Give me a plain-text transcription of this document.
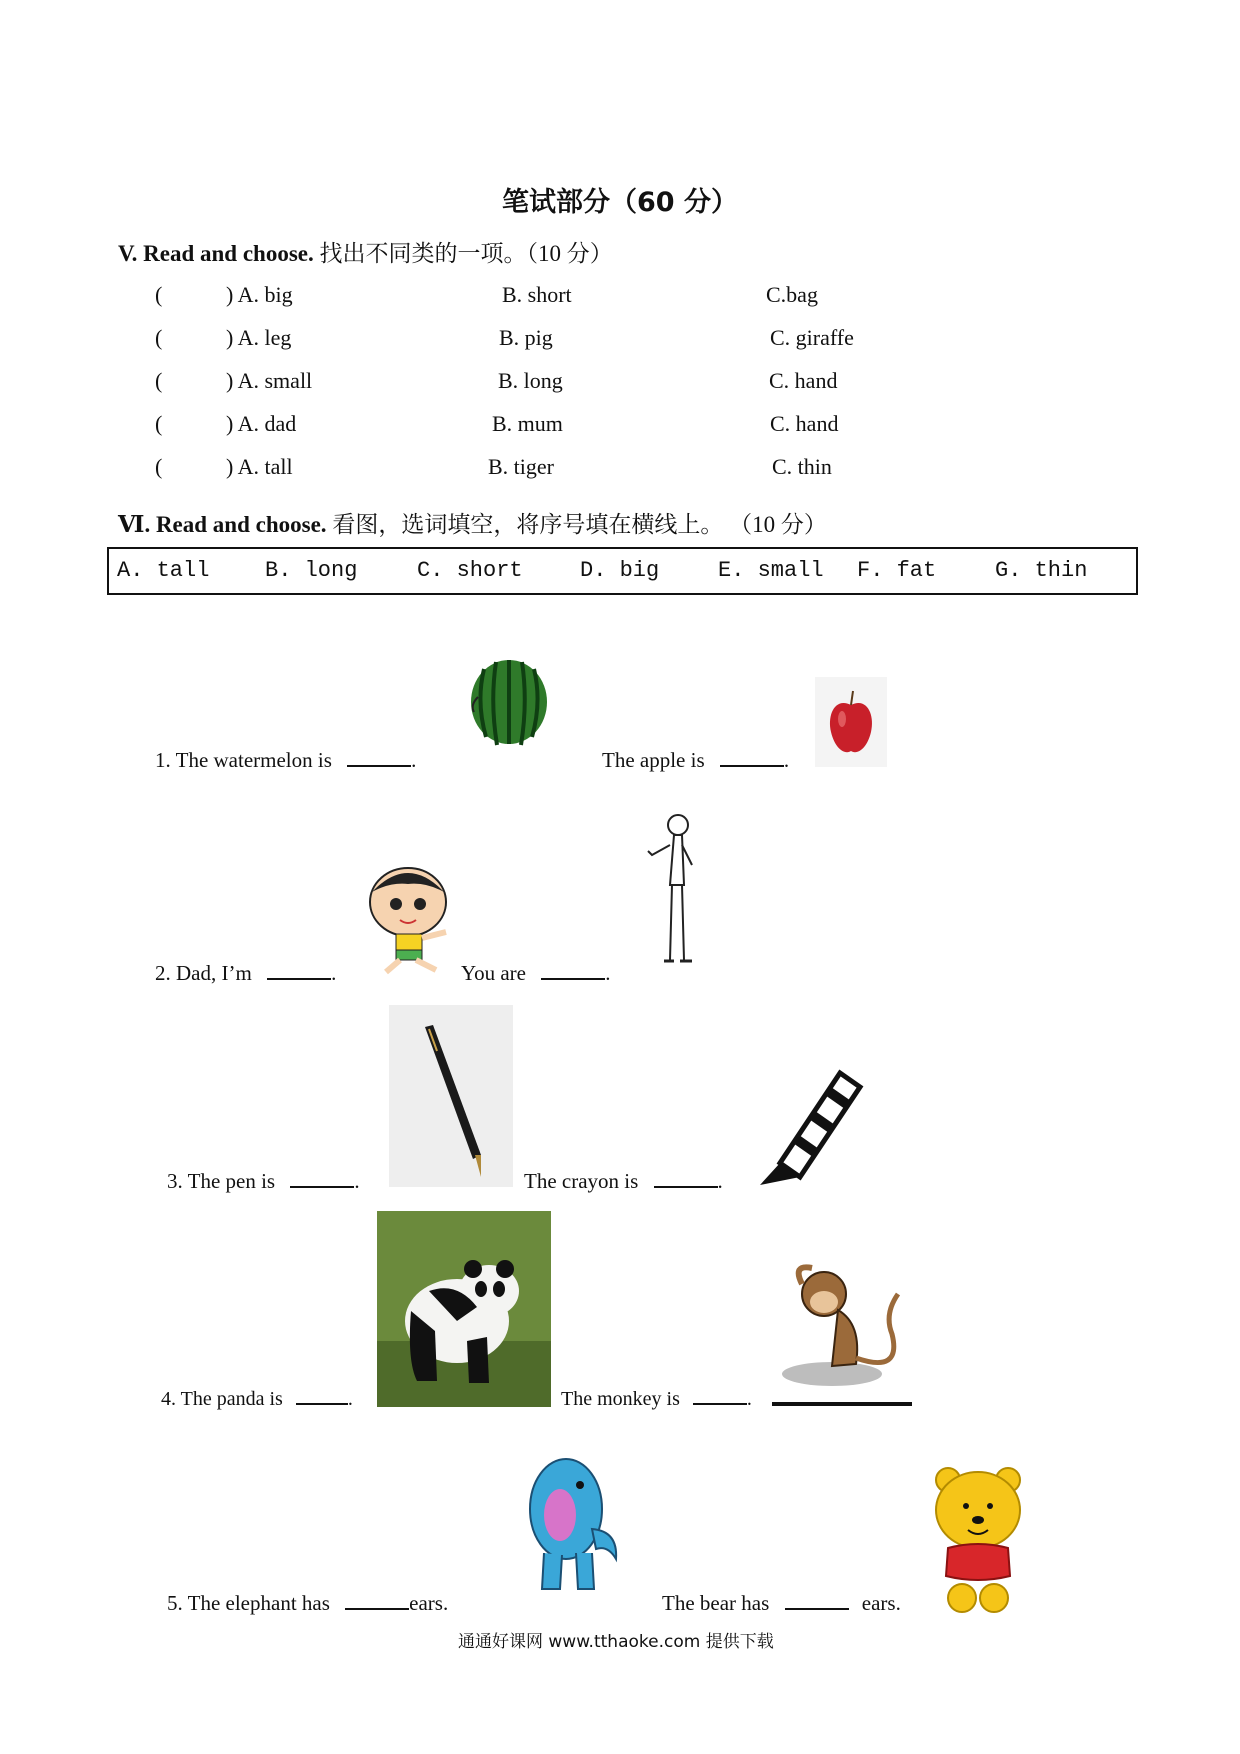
笔试部分（60 分）
V. Read and choose. 找出不同类的一项。（10 分）
(	) A. big	B. short	C.bag
(	) A. leg	B. pig	C. giraffe
(	) A. small	B. long	C. hand
(	) A. dad	B. mum	C. hand
(	) A. tall	B. tiger	C. thin
Ⅵ. Read and choose. 看图，选词填空，将序号填在横线上。 （10 分）
A. tall	B. long	C. short	D. big	E. small F. fat	G. thin
1. The watermelon is	.	The apple is	.
2. Dad, I’m	.	You are	.
3. The pen is	.	The crayon is	.
4. The panda is	.	The monkey is	.
5. The elephant has	ears.	The bear has	ears.
通通好课网 www.tthaoke.com 提供下载
